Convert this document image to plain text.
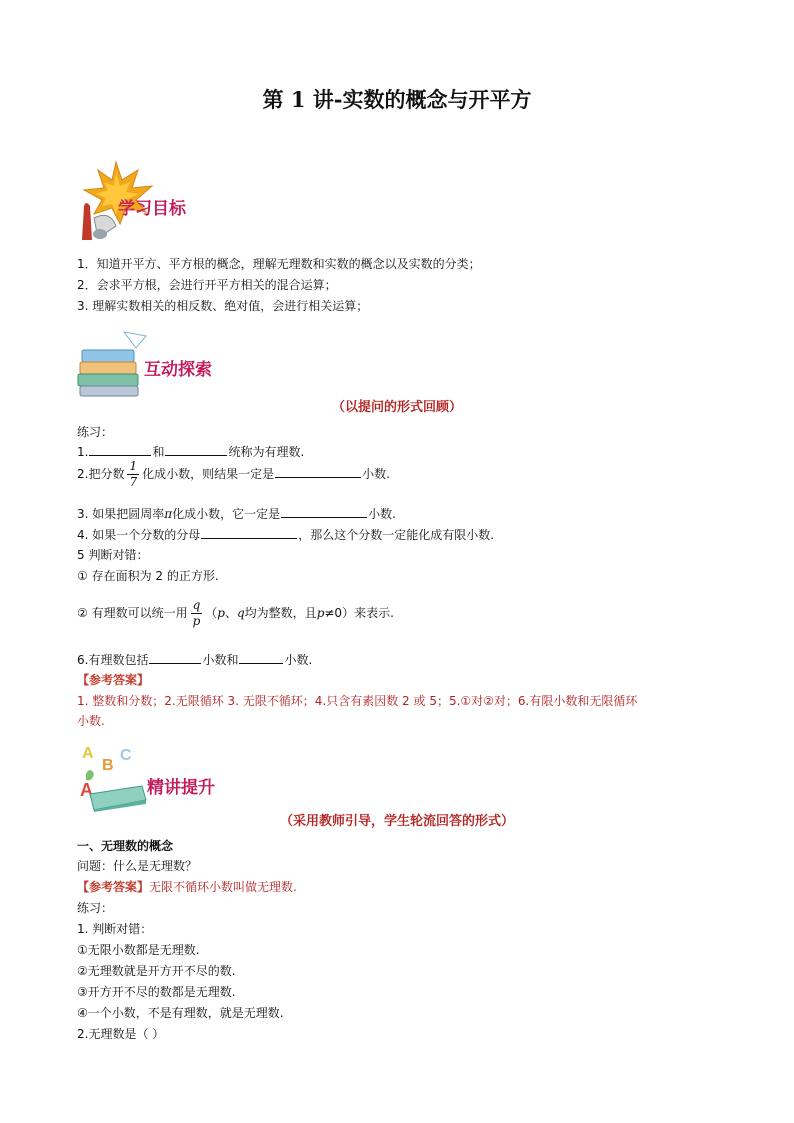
第 1 讲-实数的概念与开平方
学习目标
1．知道开平方、平方根的概念，理解无理数和实数的概念以及实数的分类；
2．会求平方根，会进行开平方相关的混合运算；
3. 理解实数相关的相反数、绝对值，会进行相关运算；
互动探索
（以提问的形式回顾）
练习：
1.	和	统称为有理数.
2.把分数 $\frac{1}{7}$ 化成小数，则结果一定是	小数.
3. 如果把圆周率π化成小数，它一定是	小数.
4. 如果一个分数的分母	，那么这个分数一定能化成有限小数.
5 判断对错：
① 存在面积为 2 的正方形.
② 有理数可以统一用 $\frac{q}{p} (p$、q均为整数，且p≠0）来表示.
6.有理数包括	小数和	小数.
【参考答案】
1. 整数和分数；2.无限循环 3. 无限不循环；4.只含有素因数 2 或 5；5.①对②对；6.有限小数和无限循环
小数.
A
B
C
A	精讲提升
（采用教师引导，学生轮流回答的形式）
一、无理数的概念
问题：什么是无理数？
【参考答案】无限不循环小数叫做无理数.
练习：
1. 判断对错：
①无限小数都是无理数.
②无理数就是开方开不尽的数.
③开方开不尽的数都是无理数.
④一个小数，不是有理数，就是无理数.
2.无理数是（ ）
